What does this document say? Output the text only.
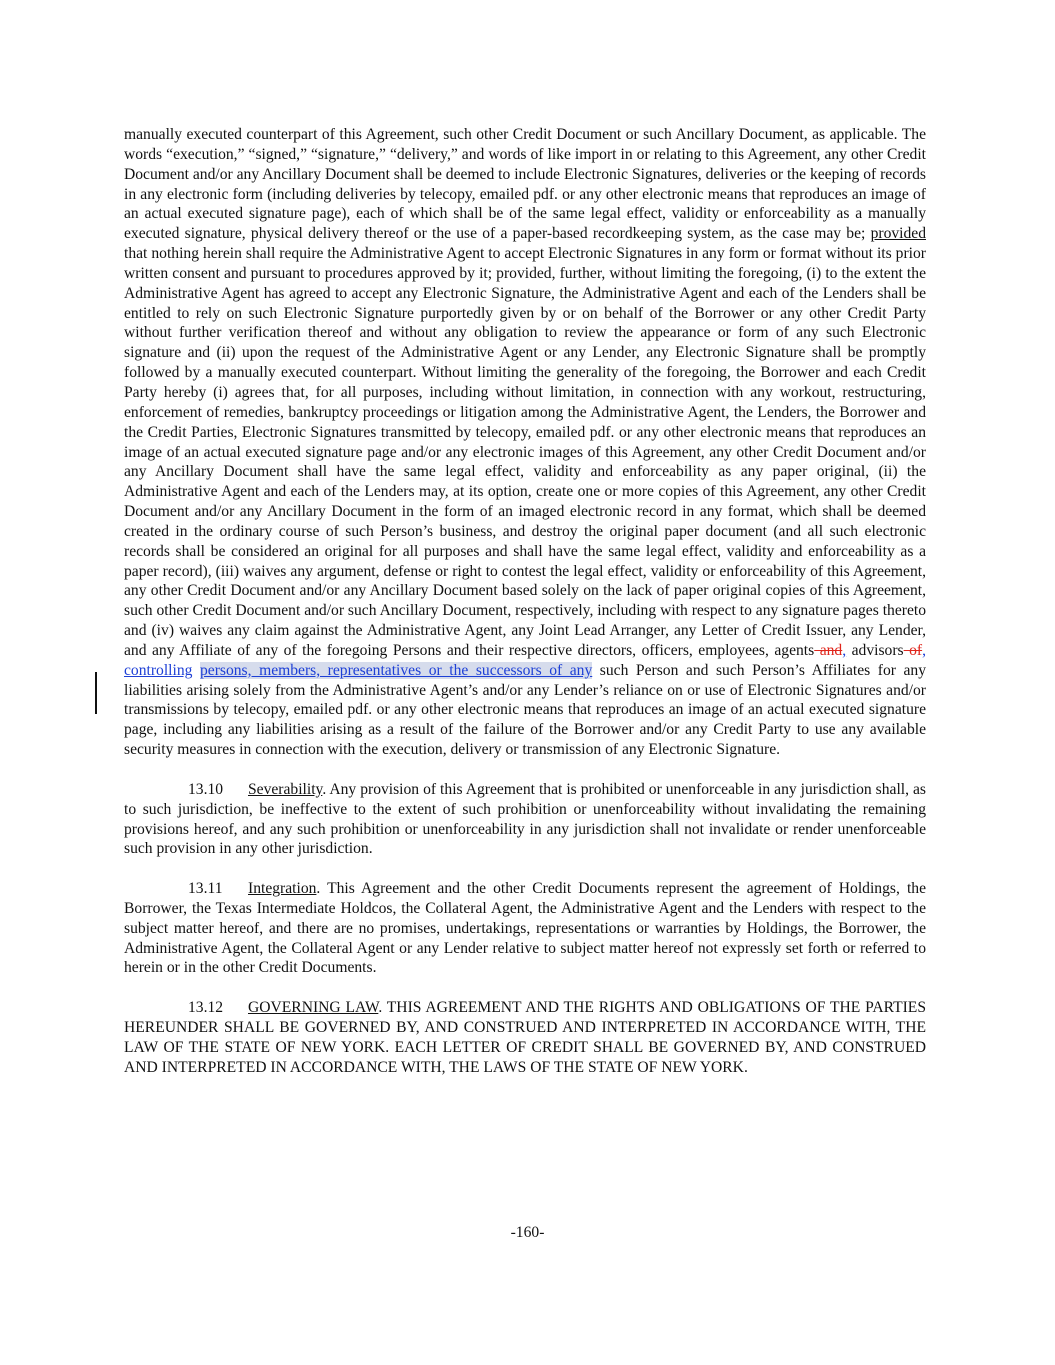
manually executed counterpart of this Agreement, such other Credit Document or such Ancillary Document, as applicable. The words “execution,” “signed,” “signature,” “delivery,” and words of like import in or relating to this Agreement, any other Credit Document and/or any Ancillary Document shall be deemed to include Electronic Signatures, deliveries or the keeping of records in any electronic form (including deliveries by telecopy, emailed pdf. or any other electronic means that reproduces an image of an actual executed signature page), each of which shall be of the same legal effect, validity or enforceability as a manually executed signature, physical delivery thereof or the use of a paper-based recordkeeping system, as the case may be; provided that nothing herein shall require the Administrative Agent to accept Electronic Signatures in any form or format without its prior written consent and pursuant to procedures approved by it; provided, further, without limiting the foregoing, (i) to the extent the Administrative Agent has agreed to accept any Electronic Signature, the Administrative Agent and each of the Lenders shall be entitled to rely on such Electronic Signature purportedly given by or on behalf of the Borrower or any other Credit Party without further verification thereof and without any obligation to review the appearance or form of any such Electronic signature and (ii) upon the request of the Administrative Agent or any Lender, any Electronic Signature shall be promptly followed by a manually executed counterpart. Without limiting the generality of the foregoing, the Borrower and each Credit Party hereby (i) agrees that, for all purposes, including without limitation, in connection with any workout, restructuring, enforcement of remedies, bankruptcy proceedings or litigation among the Administrative Agent, the Lenders, the Borrower and the Credit Parties, Electronic Signatures transmitted by telecopy, emailed pdf. or any other electronic means that reproduces an image of an actual executed signature page and/or any electronic images of this Agreement, any other Credit Document and/or any Ancillary Document shall have the same legal effect, validity and enforceability as any paper original, (ii) the Administrative Agent and each of the Lenders may, at its option, create one or more copies of this Agreement, any other Credit Document and/or any Ancillary Document in the form of an imaged electronic record in any format, which shall be deemed created in the ordinary course of such Person’s business, and destroy the original paper document (and all such electronic records shall be considered an original for all purposes and shall have the same legal effect, validity and enforceability as a paper record), (iii) waives any argument, defense or right to contest the legal effect, validity or enforceability of this Agreement, any other Credit Document and/or any Ancillary Document based solely on the lack of paper original copies of this Agreement, such other Credit Document and/or such Ancillary Document, respectively, including with respect to any signature pages thereto and (iv) waives any claim against the Administrative Agent, any Joint Lead Arranger, any Letter of Credit Issuer, any Lender, and any Affiliate of any of the foregoing Persons and their respective directors, officers, employees, agents and, advisors of, controlling persons, members, representatives or the successors of any such Person and such Person’s Affiliates for any liabilities arising solely from the Administrative Agent’s and/or any Lender’s reliance on or use of Electronic Signatures and/or transmissions by telecopy, emailed pdf. or any other electronic means that reproduces an image of an actual executed signature page, including any liabilities arising as a result of the failure of the Borrower and/or any Credit Party to use any available security measures in connection with the execution, delivery or transmission of any Electronic Signature.

13.10 Severability. Any provision of this Agreement that is prohibited or unenforceable in any jurisdiction shall, as to such jurisdiction, be ineffective to the extent of such prohibition or unenforceability without invalidating the remaining provisions hereof, and any such prohibition or unenforceability in any jurisdiction shall not invalidate or render unenforceable such provision in any other jurisdiction.

13.11 Integration. This Agreement and the other Credit Documents represent the agreement of Holdings, the Borrower, the Texas Intermediate Holdcos, the Collateral Agent, the Administrative Agent and the Lenders with respect to the subject matter hereof, and there are no promises, undertakings, representations or warranties by Holdings, the Borrower, the Administrative Agent, the Collateral Agent or any Lender relative to subject matter hereof not expressly set forth or referred to herein or in the other Credit Documents.

13.12 GOVERNING LAW. THIS AGREEMENT AND THE RIGHTS AND OBLIGATIONS OF THE PARTIES HEREUNDER SHALL BE GOVERNED BY, AND CONSTRUED AND INTERPRETED IN ACCORDANCE WITH, THE LAW OF THE STATE OF NEW YORK. EACH LETTER OF CREDIT SHALL BE GOVERNED BY, AND CONSTRUED AND INTERPRETED IN ACCORDANCE WITH, THE LAWS OF THE STATE OF NEW YORK.

-160-
